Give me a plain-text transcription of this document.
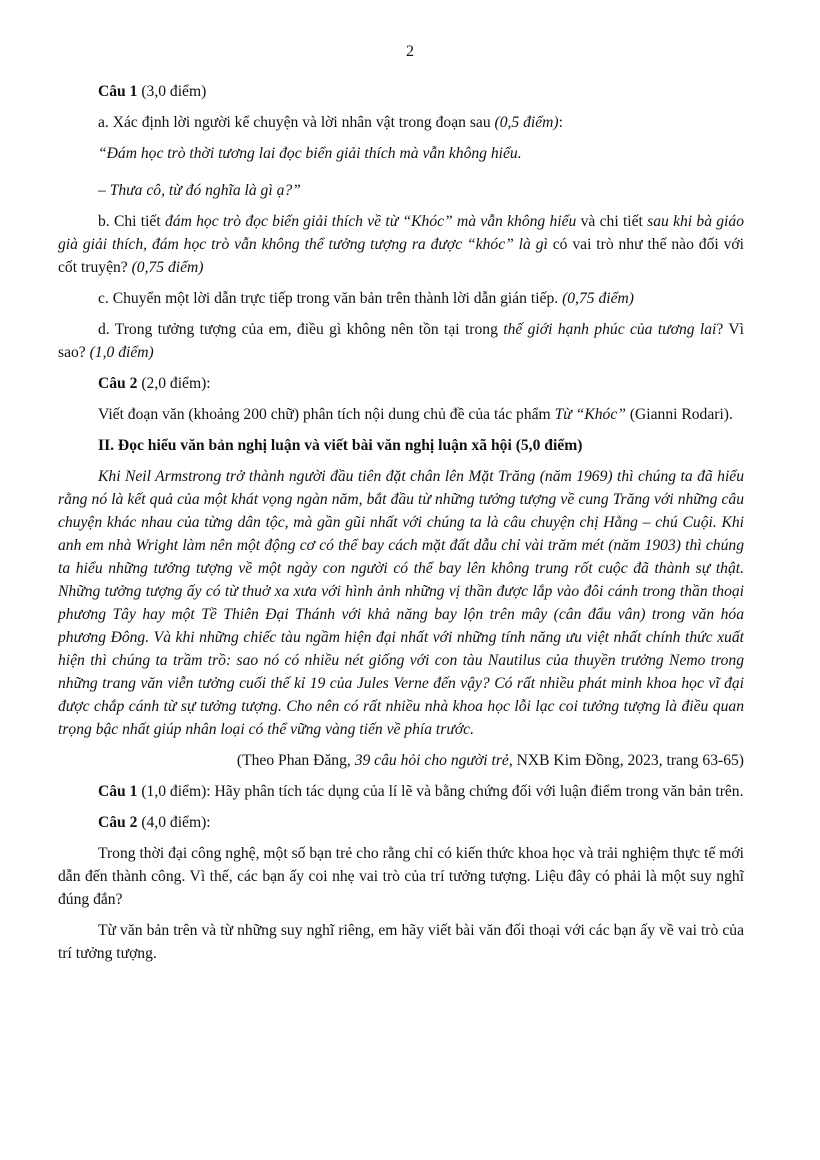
2

Câu 1 (3,0 điểm)

a. Xác định lời người kể chuyện và lời nhân vật trong đoạn sau (0,5 điểm):

“Đám học trò thời tương lai đọc biển giải thích mà vẫn không hiểu.

– Thưa cô, từ đó nghĩa là gì ạ?”

b. Chi tiết đám học trò đọc biển giải thích về từ “Khóc” mà vẫn không hiểu và chi tiết sau khi bà giáo già giải thích, đám học trò vẫn không thể tưởng tượng ra được “khóc” là gì có vai trò như thế nào đối với cốt truyện? (0,75 điểm)

c. Chuyển một lời dẫn trực tiếp trong văn bản trên thành lời dẫn gián tiếp. (0,75 điểm)

d. Trong tưởng tượng của em, điều gì không nên tồn tại trong thế giới hạnh phúc của tương lai? Vì sao? (1,0 điểm)

Câu 2 (2,0 điểm):

Viết đoạn văn (khoảng 200 chữ) phân tích nội dung chủ đề của tác phẩm Từ “Khóc” (Gianni Rodari).

II. Đọc hiểu văn bản nghị luận và viết bài văn nghị luận xã hội (5,0 điểm)

Khi Neil Armstrong trở thành người đầu tiên đặt chân lên Mặt Trăng (năm 1969) thì chúng ta đã hiểu rằng nó là kết quả của một khát vọng ngàn năm, bắt đầu từ những tưởng tượng về cung Trăng với những câu chuyện khác nhau của từng dân tộc, mà gần gũi nhất với chúng ta là câu chuyện chị Hằng – chú Cuội. Khi anh em nhà Wright làm nên một động cơ có thể bay cách mặt đất dẫu chỉ vài trăm mét (năm 1903) thì chúng ta hiểu những tưởng tượng về một ngày con người có thể bay lên không trung rốt cuộc đã thành sự thật. Những tưởng tượng ấy có từ thuở xa xưa với hình ảnh những vị thần được lắp vào đôi cánh trong thần thoại phương Tây hay một Tề Thiên Đại Thánh với khả năng bay lộn trên mây (cân đẩu vân) trong văn hóa phương Đông. Và khi những chiếc tàu ngầm hiện đại nhất với những tính năng ưu việt nhất chính thức xuất hiện thì chúng ta trầm trồ: sao nó có nhiều nét giống với con tàu Nautilus của thuyền trưởng Nemo trong những trang văn viễn tưởng cuối thế kỉ 19 của Jules Verne đến vậy? Có rất nhiều phát minh khoa học vĩ đại được chắp cánh từ sự tưởng tượng. Cho nên có rất nhiều nhà khoa học lỗi lạc coi tưởng tượng là điều quan trọng bậc nhất giúp nhân loại có thể vững vàng tiến về phía trước.

(Theo Phan Đăng, 39 câu hỏi cho người trẻ, NXB Kim Đồng, 2023, trang 63-65)

Câu 1 (1,0 điểm): Hãy phân tích tác dụng của lí lẽ và bằng chứng đối với luận điểm trong văn bản trên.

Câu 2 (4,0 điểm):

Trong thời đại công nghệ, một số bạn trẻ cho rằng chỉ có kiến thức khoa học và trải nghiệm thực tế mới dẫn đến thành công. Vì thế, các bạn ấy coi nhẹ vai trò của trí tưởng tượng. Liệu đây có phải là một suy nghĩ đúng đắn?

Từ văn bản trên và từ những suy nghĩ riêng, em hãy viết bài văn đối thoại với các bạn ấy về vai trò của trí tưởng tượng.
